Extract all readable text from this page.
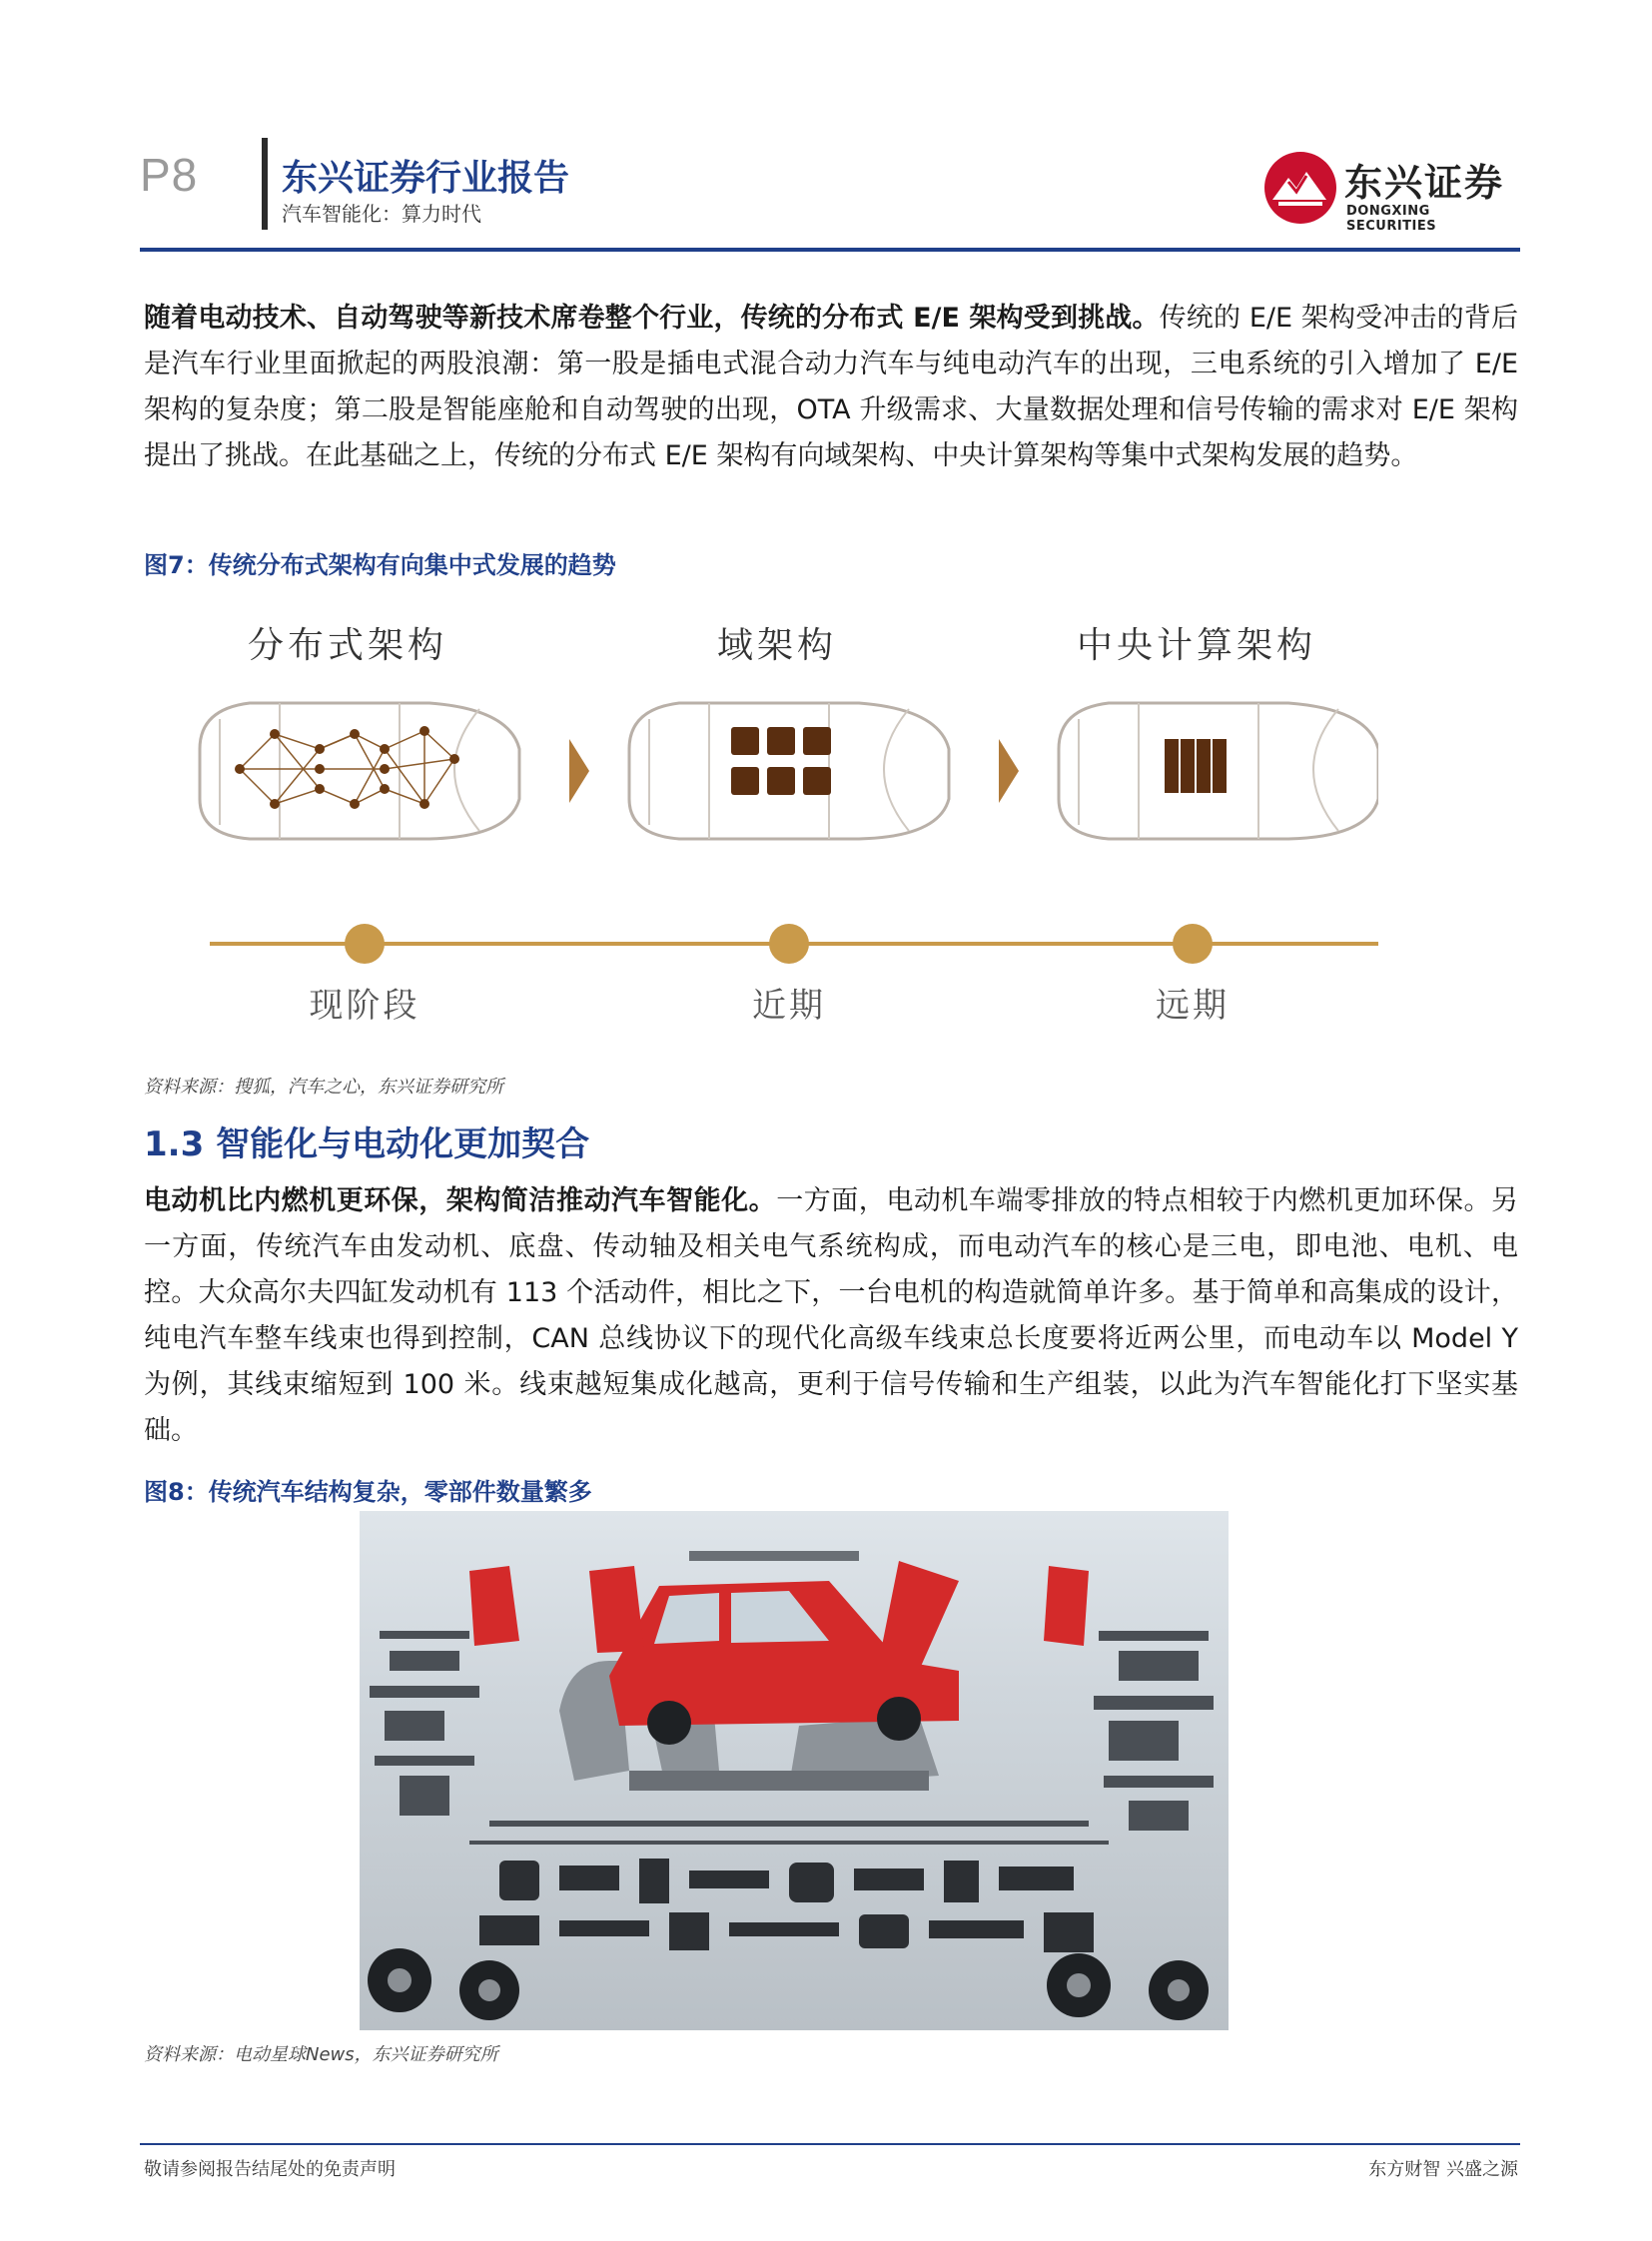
P8 东兴证券行业报告
汽车智能化：算力时代
东兴证券
DONGXING SECURITIES
随着电动技术、自动驾驶等新技术席卷整个行业，传统的分布式 E/E 架构受到挑战。传统的 E/E 架构受冲击的背后是汽车行业里面掀起的两股浪潮：第一股是插电式混合动力汽车与纯电动汽车的出现，三电系统的引入增加了 E/E 架构的复杂度；第二股是智能座舱和自动驾驶的出现，OTA 升级需求、大量数据处理和信号传输的需求对 E/E 架构提出了挑战。在此基础之上，传统的分布式 E/E 架构有向域架构、中央计算架构等集中式架构发展的趋势。
图7：传统分布式架构有向集中式发展的趋势
分布式架构	域架构	中央计算架构
现阶段	近期	远期
资料来源：搜狐，汽车之心，东兴证券研究所
1.3 智能化与电动化更加契合
电动机比内燃机更环保，架构简洁推动汽车智能化。一方面，电动机车端零排放的特点相较于内燃机更加环保。另一方面，传统汽车由发动机、底盘、传动轴及相关电气系统构成，而电动汽车的核心是三电，即电池、电机、电控。大众高尔夫四缸发动机有 113 个活动件，相比之下，一台电机的构造就简单许多。基于简单和高集成的设计，纯电汽车整车线束也得到控制，CAN 总线协议下的现代化高级车线束总长度要将近两公里，而电动车以 Model Y 为例，其线束缩短到 100 米。线束越短集成化越高，更利于信号传输和生产组装，以此为汽车智能化打下坚实基础。
图8：传统汽车结构复杂，零部件数量繁多
资料来源：电动星球News，东兴证券研究所
敬请参阅报告结尾处的免责声明	东方财智 兴盛之源
